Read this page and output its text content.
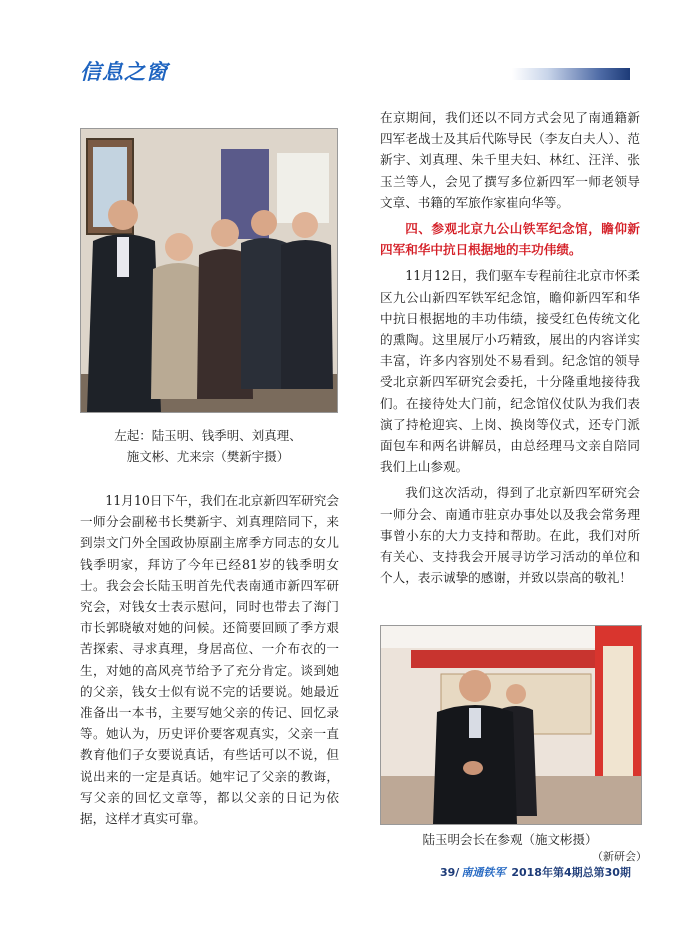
信息之窗
左起：陆玉明、钱季明、刘真理、
施文彬、尤来宗（樊新宇摄）

11月10日下午，我们在北京新四军研究会一师分会副秘书长樊新宇、刘真理陪同下，来到崇文门外全国政协原副主席季方同志的女儿钱季明家，拜访了今年已经81岁的钱季明女士。我会会长陆玉明首先代表南通市新四军研究会，对钱女士表示慰问，同时也带去了海门市长郭晓敏对她的问候。还简要回顾了季方艰苦探索、寻求真理，身居高位、一介布衣的一生，对她的高风亮节给予了充分肯定。谈到她的父亲，钱女士似有说不完的话要说。她最近准备出一本书，主要写她父亲的传记、回忆录等。她认为，历史评价要客观真实，父亲一直教育他们子女要说真话，有些话可以不说，但说出来的一定是真话。她牢记了父亲的教诲，写父亲的回忆文章等，都以父亲的日记为依据，这样才真实可靠。

在京期间，我们还以不同方式会见了南通籍新四军老战士及其后代陈导民（李友白夫人）、范新宇、刘真理、朱千里夫妇、林红、汪洋、张玉兰等人，会见了撰写多位新四军一师老领导文章、书籍的军旅作家崔向华等。

四、参观北京九公山铁军纪念馆，瞻仰新四军和华中抗日根据地的丰功伟绩。

11月12日，我们驱车专程前往北京市怀柔区九公山新四军铁军纪念馆，瞻仰新四军和华中抗日根据地的丰功伟绩，接受红色传统文化的熏陶。这里展厅小巧精致，展出的内容详实丰富，许多内容别处不易看到。纪念馆的领导受北京新四军研究会委托，十分隆重地接待我们。在接待处大门前，纪念馆仪仗队为我们表演了持枪迎宾、上岗、换岗等仪式，还专门派面包车和两名讲解员，由总经理马文亲自陪同我们上山参观。

我们这次活动，得到了北京新四军研究会一师分会、南通市驻京办事处以及我会常务理事曾小东的大力支持和帮助。在此，我们对所有关心、支持我会开展寻访学习活动的单位和个人，表示诚挚的感谢，并致以崇高的敬礼！

陆玉明会长在参观（施文彬摄）
（新研会）
39/ 南通铁军 2018年第4期总第30期
